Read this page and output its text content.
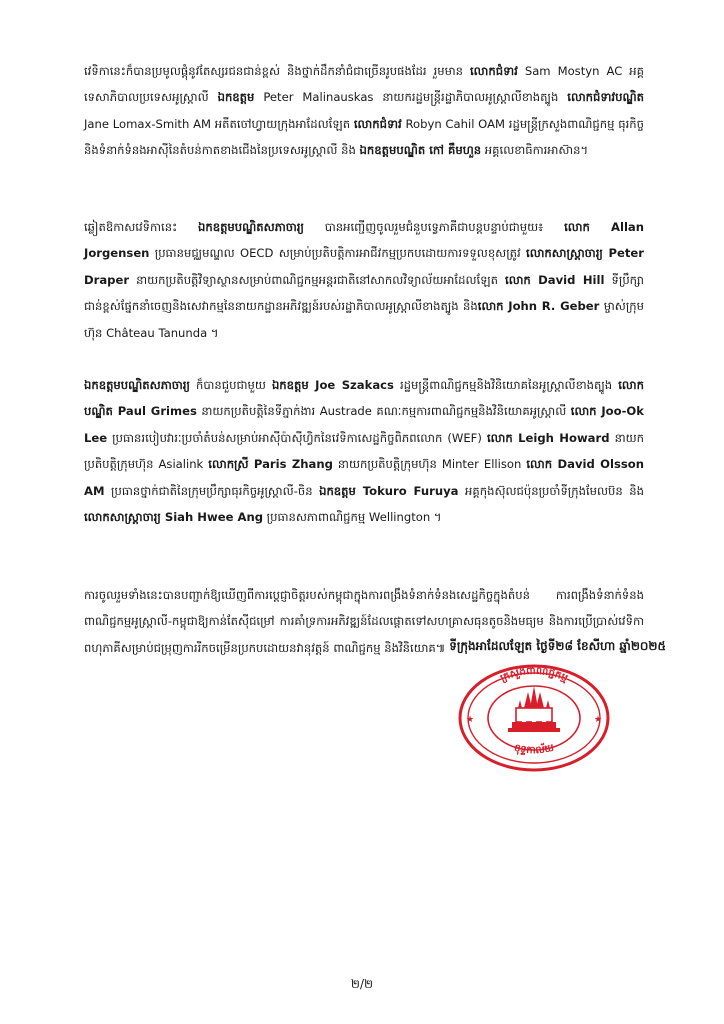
វេទិកានេះក៏បានប្រមូលផ្តុំនូវតែស្សរជនជាន់ខ្ពស់ និងថ្នាក់ដឹកនាំជំជាច្រើនរូបផងដែរ រួមមាន លោកជំទាវ Sam Mostyn AC អគ្គទេសាភិបាលប្រទេសអូស្ត្រាលី ឯកឧត្តម Peter Malinauskas នាយករដ្ឋមន្ត្រីរដ្ឋាភិបាលអូស្ត្រាលីខាងត្បូង លោកជំទាវបណ្ឌិត Jane Lomax-Smith AM អតីតចៅហ្វាយក្រុងអាដែលឡែត លោកជំទាវ Robyn Cahil OAM រដ្ឋមន្ត្រីក្រសួងពាណិជ្ជកម្ម ធុរកិច្ច និងទំនាក់ទំនងអាស៊ីនៃតំបន់កាតខាងជើងនៃប្រទេសអូស្ត្រាលី និង ឯកឧត្តមបណ្ឌិត កៅ គឹមហួន អគ្គលេខាធិការអាស៊ាន។

ឆ្លៀតឱកាសវេទិកានេះ ឯកឧត្តមបណ្ឌិតសភាចារ្យ បានអញ្ជើញចូលរួមជំនួបទ្វេភាគីជាបន្តបន្ទាប់ជាមួយ៖ លោក Allan Jorgensen ប្រធានមជ្ឈមណ្ឌល OECD សម្រាប់ប្រតិបត្តិការអាជីវកម្មប្រកបដោយការទទួលខុសត្រូវ លោកសាស្ត្រាចារ្យ Peter Draper នាយកប្រតិបត្តិវិទ្យាស្ថានសម្រាប់ពាណិជ្ជកម្មអន្តរជាតិនៅសាកលវិទ្យាល័យអាដែលឡែត លោក David Hill ទីប្រឹក្សាជាន់ខ្ពស់ផ្នែកនាំចេញនិងសេវាកម្មនៃនាយកដ្ឋានអភិវឌ្ឍន៍របស់រដ្ឋាភិបាលអូស្ត្រាលីខាងត្បូង និងលោក John R. Geber ម្ចាស់ក្រុមហ៊ុន Château Tanunda ។

ឯកឧត្តមបណ្ឌិតសភាចារ្យ ក៏បានជួបជាមួយ ឯកឧត្តម Joe Szakacs រដ្ឋមន្ត្រីពាណិជ្ជកម្មនិងវិនិយោគនៃអូស្ត្រាលីខាងត្បូង លោកបណ្ឌិត Paul Grimes នាយកប្រតិបត្តិនៃទីភ្នាក់ងារ Austrade គណៈកម្មការពាណិជ្ជកម្មនិងវិនិយោគអូស្ត្រាលី លោក Joo-Ok Lee ប្រធានរបៀបវារៈប្រចាំតំបន់សម្រាប់អាស៊ីប៉ាស៊ីហ្វិកនៃវេទិកាសេដ្ឋកិច្ចពិភពលោក (WEF) លោក Leigh Howard នាយកប្រតិបត្តិក្រុមហ៊ុន Asialink លោកស្រី Paris Zhang នាយកប្រតិបត្តិក្រុមហ៊ុន Minter Ellison លោក David Olsson AM ប្រធានថ្នាក់ជាតិនៃក្រុមប្រឹក្សាធុរកិច្ចអូស្ត្រាលី-ចិន ឯកឧត្តម Tokuro Furuya អគ្គកុងស៊ុលជប៉ុនប្រចាំទីក្រុងមែលប៊ន និង លោកសាស្ត្រាចារ្យ Siah Hwee Ang ប្រធានសភាពាណិជ្ជកម្ម Wellington ។

ការចូលរួមទាំងនេះបានបញ្ជាក់ឱ្យឃើញពីការប្តេជ្ញាចិត្តរបស់កម្ពុជាក្នុងការពង្រឹងទំនាក់ទំនងសេដ្ឋកិច្ចក្នុងតំបន់ ការពង្រឹងទំនាក់ទំនងពាណិជ្ជកម្មអូស្ត្រាលី-កម្ពុជាឱ្យកាន់តែស៊ីជម្រៅ ការគាំទ្រការអភិវឌ្ឍន៍ដែលផ្តោតទៅសហគ្រាសធុនតូចនិងមធ្យម និងការប្រើប្រាស់វេទិកាពហុភាគីសម្រាប់ជម្រុញការរីកចម្រើនប្រកបដោយនវានុវត្តន៍ ពាណិជ្ជកម្ម និងវិនិយោគ៕ ទីក្រុងអាដែលឡែត ថ្ងៃទី២៨ ខែសីហា ឆ្នាំ២០២៥

ក្រសួងពាណិជ្ជកម្ម
ខុទ្ទកាល័យ
★	★
២/២
